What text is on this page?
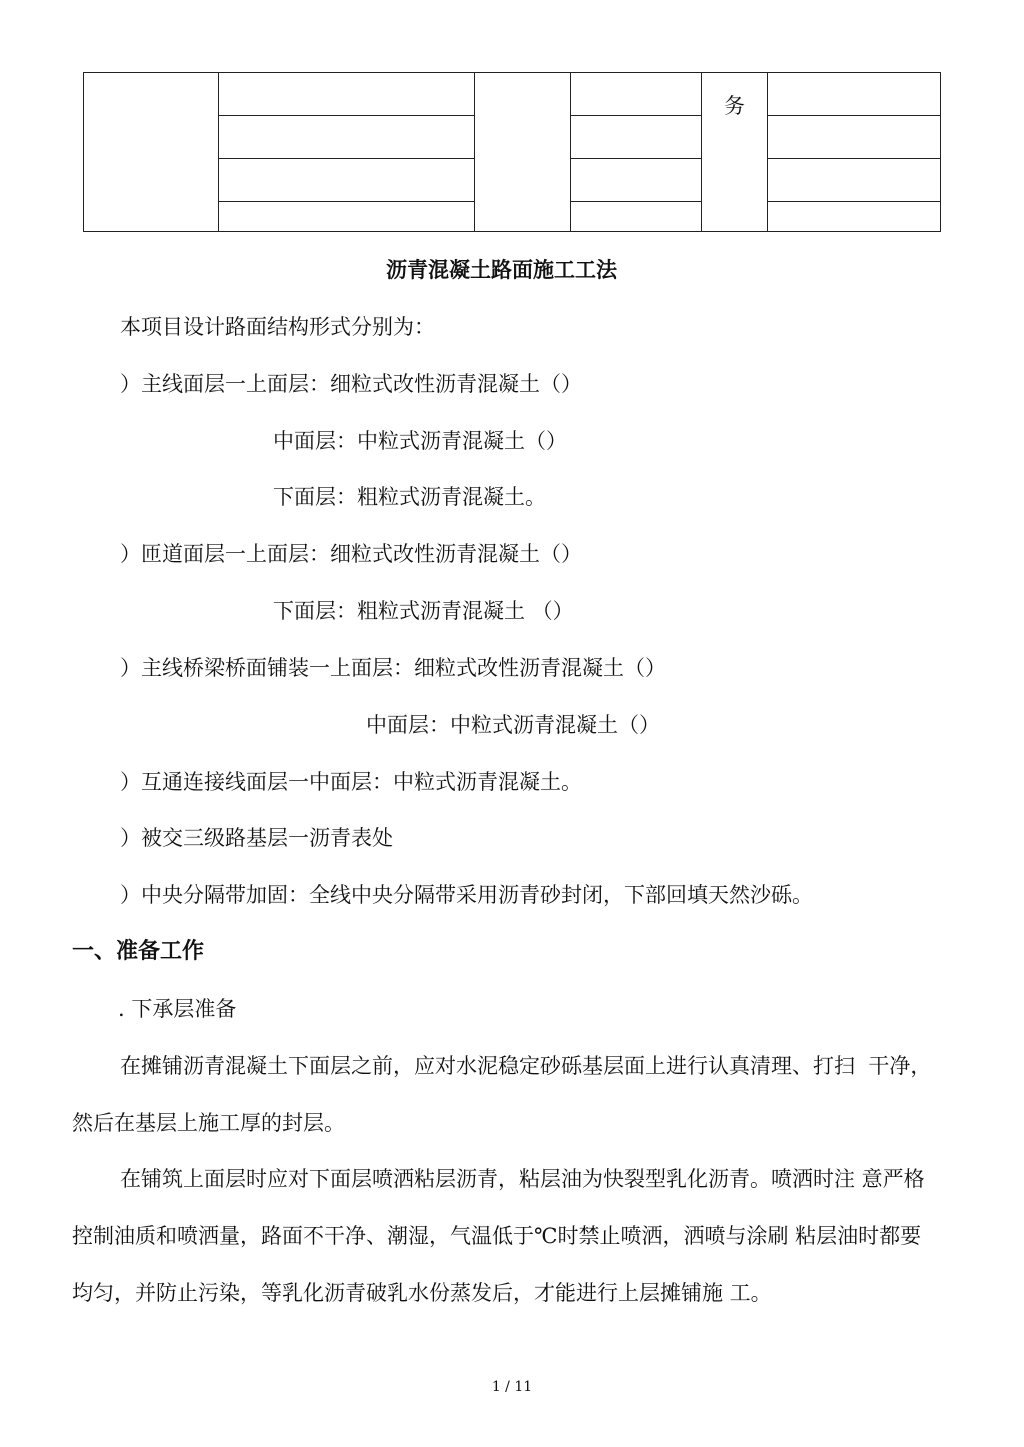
务
沥青混凝土路面施工工法
本项目设计路面结构形式分别为：
）主线面层一上面层：细粒式改性沥青混凝土（）
中面层：中粒式沥青混凝土（）
下面层：粗粒式沥青混凝土。
）匝道面层一上面层：细粒式改性沥青混凝土（）
下面层：粗粒式沥青混凝土 （）
）主线桥梁桥面铺装一上面层：细粒式改性沥青混凝土（）
中面层：中粒式沥青混凝土（）
）互通连接线面层一中面层：中粒式沥青混凝土。
）被交三级路基层一沥青表处
）中央分隔带加固：全线中央分隔带采用沥青砂封闭，下部回填天然沙砾。
一、准备工作
. 下承层准备
在摊铺沥青混凝土下面层之前，应对水泥稳定砂砾基层面上进行认真清理、打扫  干净，
然后在基层上施工厚的封层。
在铺筑上面层时应对下面层喷洒粘层沥青，粘层油为快裂型乳化沥青。喷洒时注 意严格
控制油质和喷洒量，路面不干净、潮湿，气温低于℃时禁止喷洒，洒喷与涂刷 粘层油时都要
均匀，并防止污染，等乳化沥青破乳水份蒸发后，才能进行上层摊铺施 工。
1 / 11
